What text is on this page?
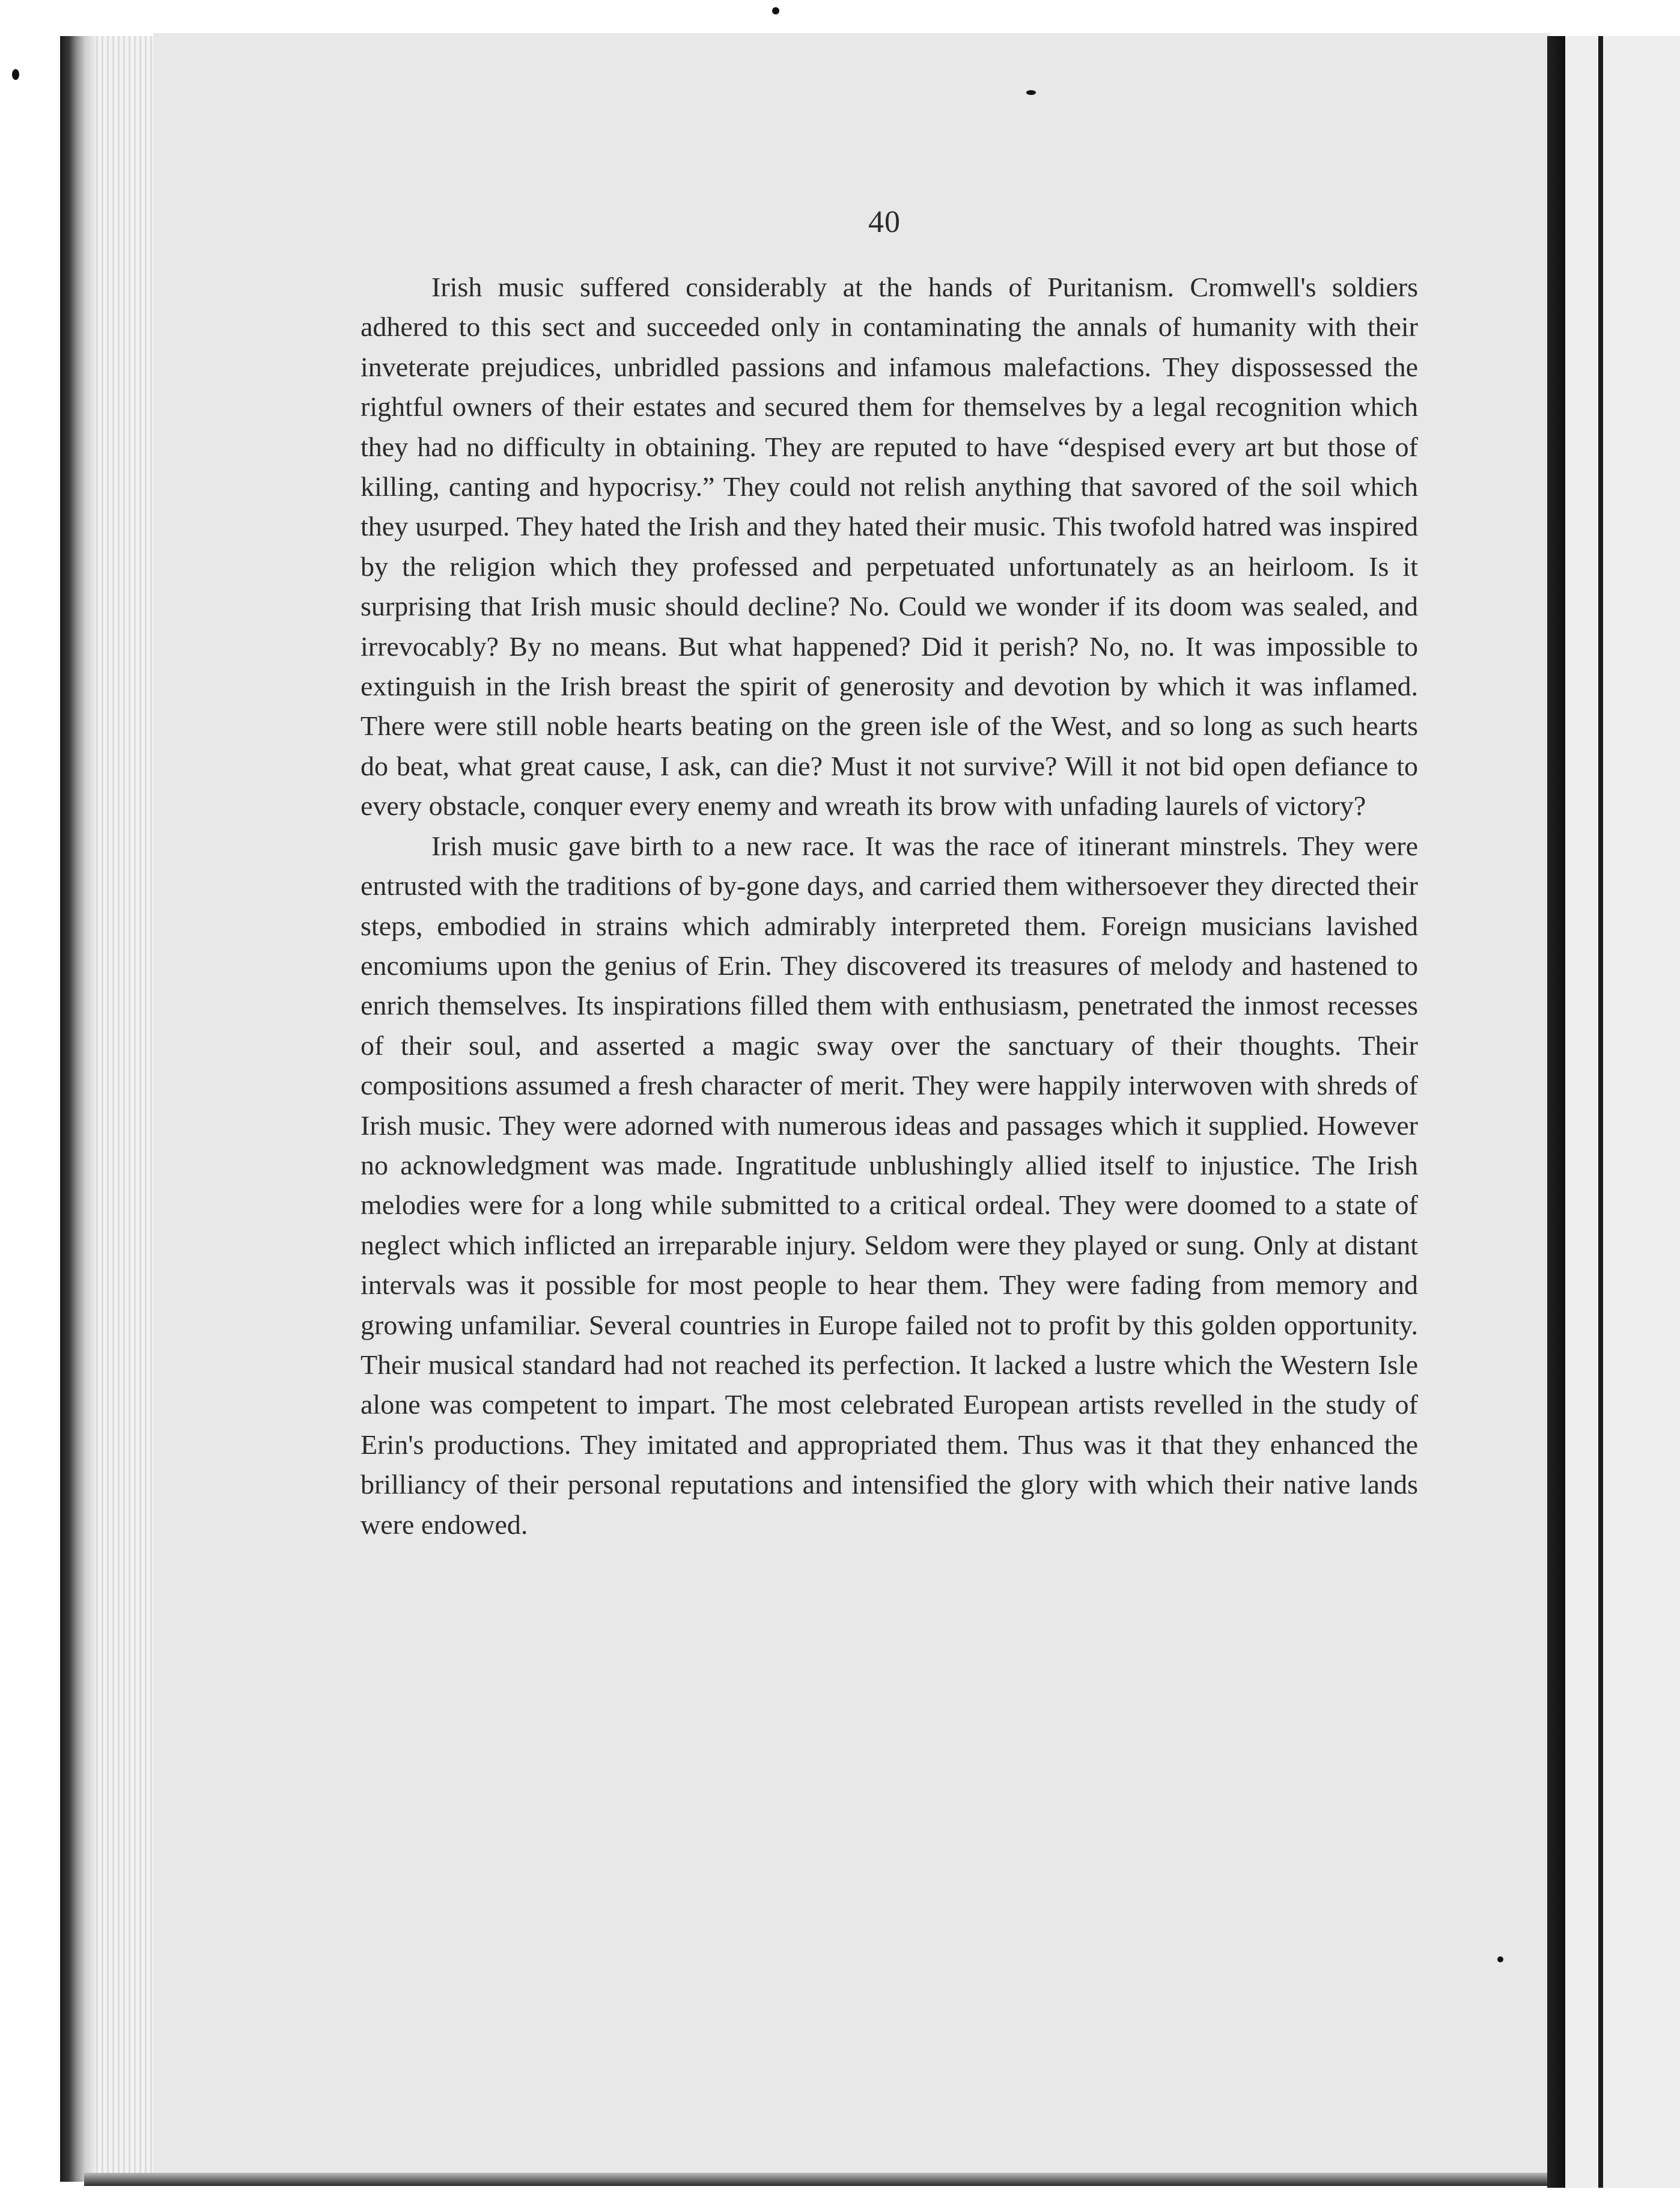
40

Irish music suffered considerably at the hands of Puritanism. Cromwell's soldiers adhered to this sect and succeeded only in contaminating the annals of humanity with their inveterate prejudices, unbridled passions and infamous malefactions. They dispossessed the rightful owners of their estates and secured them for themselves by a legal recognition which they had no difficulty in obtaining. They are reputed to have “despised every art but those of killing, canting and hypocrisy.” They could not relish anything that savored of the soil which they usurped. They hated the Irish and they hated their music. This twofold hatred was inspired by the religion which they professed and perpetuated unfortunately as an heirloom. Is it surprising that Irish music should decline? No. Could we wonder if its doom was sealed, and irrevocably? By no means. But what happened? Did it perish? No, no. It was impossible to extinguish in the Irish breast the spirit of generosity and devotion by which it was inflamed. There were still noble hearts beating on the green isle of the West, and so long as such hearts do beat, what great cause, I ask, can die? Must it not survive? Will it not bid open defiance to every obstacle, conquer every enemy and wreath its brow with unfading laurels of victory?

Irish music gave birth to a new race. It was the race of itinerant minstrels. They were entrusted with the traditions of by-gone days, and carried them withersoever they directed their steps, embodied in strains which admirably interpreted them. Foreign musicians lavished encomiums upon the genius of Erin. They discovered its treasures of melody and hastened to enrich themselves. Its inspirations filled them with enthusiasm, penetrated the inmost recesses of their soul, and asserted a magic sway over the sanctuary of their thoughts. Their compositions assumed a fresh character of merit. They were happily interwoven with shreds of Irish music. They were adorned with numerous ideas and passages which it supplied. However no acknowledgment was made. Ingratitude unblushingly allied itself to injustice. The Irish melodies were for a long while submitted to a critical ordeal. They were doomed to a state of neglect which inflicted an irreparable injury. Seldom were they played or sung. Only at distant intervals was it possible for most people to hear them. They were fading from memory and growing unfamiliar. Several countries in Europe failed not to profit by this golden opportunity. Their musical standard had not reached its perfection. It lacked a lustre which the Western Isle alone was competent to impart. The most celebrated European artists revelled in the study of Erin's productions. They imitated and appropriated them. Thus was it that they enhanced the brilliancy of their personal reputations and intensified the glory with which their native lands were endowed.
